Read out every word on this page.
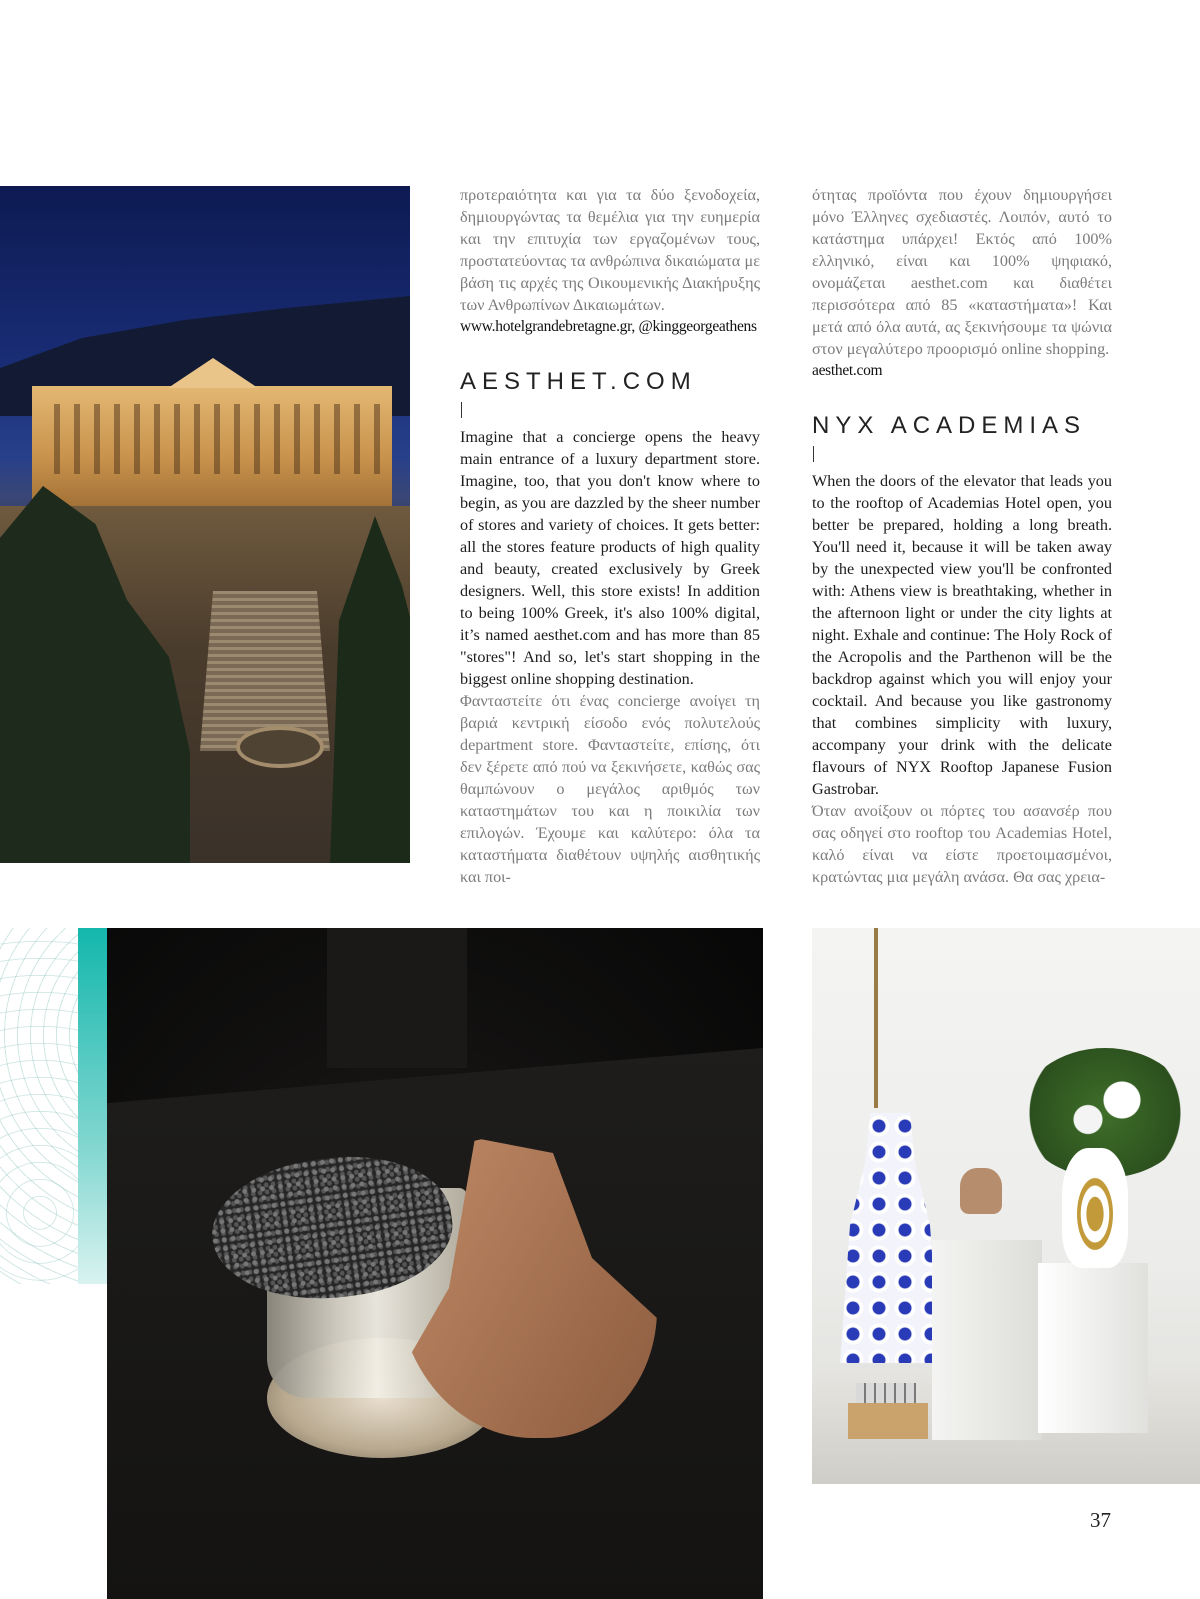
προτεραιότητα και για τα δύο ξενοδοχεία, δημιουργώντας τα θεμέλια για την ευημερία και την επιτυχία των εργαζομένων τους, προστατεύοντας τα ανθρώπινα δικαιώματα με βάση τις αρχές της Οικουμενικής Διακήρυξης των Ανθρωπίνων Δικαιωμάτων.

www.hotelgrandebretagne.gr, @kinggeorgeathens

AESTHET.COM

Imagine that a concierge opens the heavy main entrance of a luxury department store. Imagine, too, that you don't know where to begin, as you are dazzled by the sheer number of stores and variety of choices. It gets better: all the stores feature products of high quality and beauty, created exclusively by Greek designers. Well, this store exists! In addition to being 100% Greek, it's also 100% digital, it’s named aesthet.com and has more than 85 "stores"! And so, let's start shopping in the biggest online shopping destination.

Φανταστείτε ότι ένας concierge ανοίγει τη βαριά κεντρική είσοδο ενός πολυτελούς department store. Φανταστείτε, επίσης, ότι δεν ξέρετε από πού να ξεκινήσετε, καθώς σας θαμπώνουν ο μεγάλος αριθμός των καταστημάτων του και η ποικιλία των επιλογών. Έχουμε και καλύτερο: όλα τα καταστήματα διαθέτουν υψηλής αισθητικής και ποι-

ότητας προϊόντα που έχουν δημιουργήσει μόνο Έλληνες σχεδιαστές. Λοιπόν, αυτό το κατάστημα υπάρχει! Εκτός από 100% ελληνικό, είναι και 100% ψηφιακό, ονομάζεται aesthet.com και διαθέτει περισσότερα από 85 «καταστήματα»! Και μετά από όλα αυτά, ας ξεκινήσουμε τα ψώνια στον μεγαλύτερο προορισμό online shopping.

aesthet.com

NYX ACADEMIAS

When the doors of the elevator that leads you to the rooftop of Academias Hotel open, you better be prepared, holding a long breath. You'll need it, because it will be taken away by the unexpected view you'll be confronted with: Athens view is breathtaking, whether in the afternoon light or under the city lights at night. Exhale and continue: The Holy Rock of the Acropolis and the Parthenon will be the backdrop against which you will enjoy your cocktail. And because you like gastronomy that combines simplicity with luxury, accompany your drink with the delicate flavours of NYX Rooftop Japanese Fusion Gastrobar.

Όταν ανοίξουν οι πόρτες του ασανσέρ που σας οδηγεί στο rooftop του Academias Hotel, καλό είναι να είστε προετοιμασμένοι, κρατώντας μια μεγάλη ανάσα. Θα σας χρεια-

37
